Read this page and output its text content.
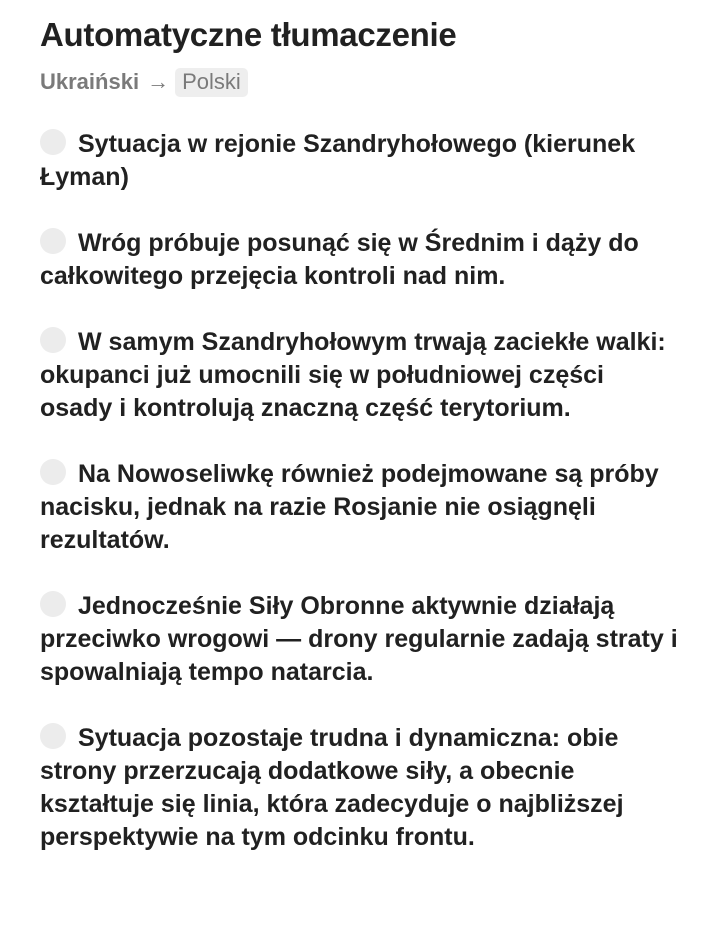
Automatyczne tłumaczenie
Ukraiński → Polski

Sytuacja w rejonie Szandryhołowego (kierunek Łyman)

Wróg próbuje posunąć się w Średnim i dąży do całkowitego przejęcia kontroli nad nim.

W samym Szandryhołowym trwają zaciekłe walki: okupanci już umocnili się w południowej części osady i kontrolują znaczną część terytorium.

Na Nowoseliwkę również podejmowane są próby nacisku, jednak na razie Rosjanie nie osiągnęli rezultatów.

Jednocześnie Siły Obronne aktywnie działają przeciwko wrogowi — drony regularnie zadają straty i spowalniają tempo natarcia.

Sytuacja pozostaje trudna i dynamiczna: obie strony przerzucają dodatkowe siły, a obecnie kształtuje się linia, która zadecyduje o najbliższej perspektywie na tym odcinku frontu.
